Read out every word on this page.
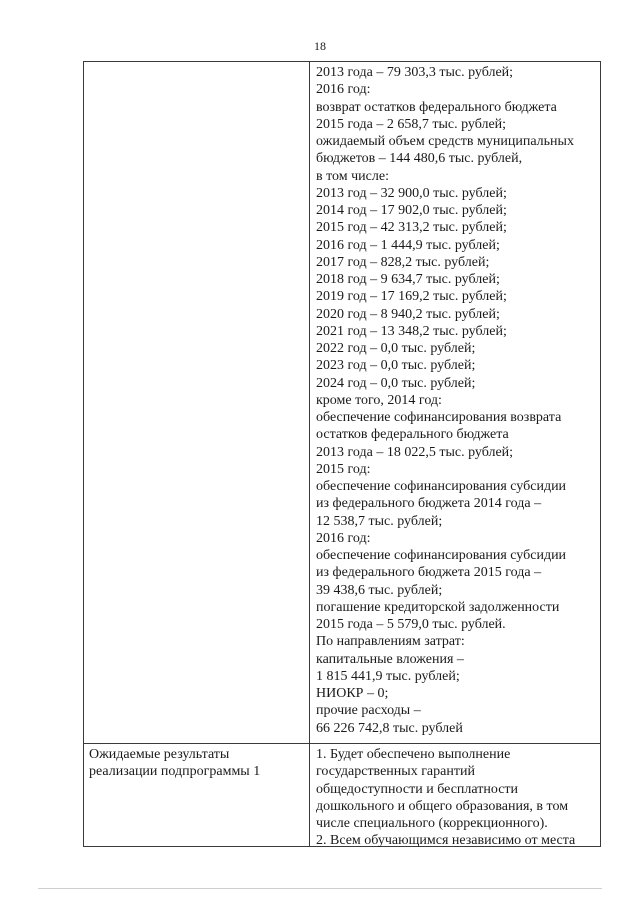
18
2013 года – 79 303,3 тыс. рублей;
2016 год:
возврат остатков федерального бюджета
2015 года – 2 658,7 тыс. рублей;
ожидаемый объем средств муниципальных
бюджетов – 144 480,6 тыс. рублей,
в том числе:
2013 год – 32 900,0 тыс. рублей;
2014 год – 17 902,0 тыс. рублей;
2015 год – 42 313,2 тыс. рублей;
2016 год – 1 444,9 тыс. рублей;
2017 год – 828,2 тыс. рублей;
2018 год – 9 634,7 тыс. рублей;
2019 год – 17 169,2 тыс. рублей;
2020 год – 8 940,2 тыс. рублей;
2021 год – 13 348,2 тыс. рублей;
2022 год – 0,0 тыс. рублей;
2023 год – 0,0 тыс. рублей;
2024 год – 0,0 тыс. рублей;
кроме того, 2014 год:
обеспечение софинансирования возврата
остатков федерального бюджета
2013 года – 18 022,5 тыс. рублей;
2015 год:
обеспечение софинансирования субсидии
из федерального бюджета 2014 года –
12 538,7 тыс. рублей;
2016 год:
обеспечение софинансирования субсидии
из федерального бюджета 2015 года –
39 438,6 тыс. рублей;
погашение кредиторской задолженности
2015 года – 5 579,0 тыс. рублей.
По направлениям затрат:
капитальные вложения –
1 815 441,9 тыс. рублей;
НИОКР – 0;
прочие расходы –
66 226 742,8 тыс. рублей
Ожидаемые результаты
реализации подпрограммы 1
1. Будет обеспечено выполнение
государственных гарантий
общедоступности и бесплатности
дошкольного и общего образования, в том
числе специального (коррекционного).
2. Всем обучающимся независимо от места
